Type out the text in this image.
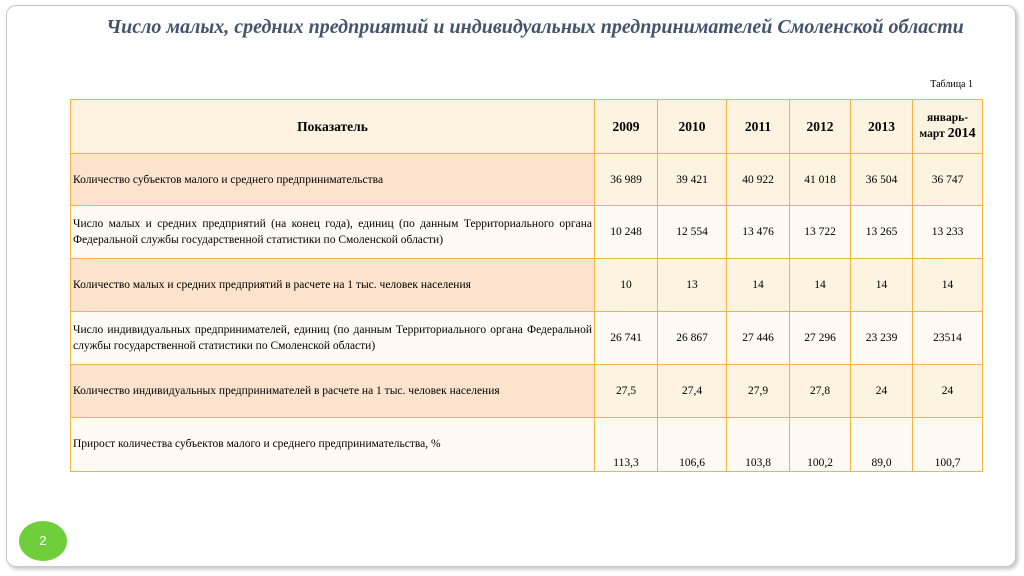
Число малых, средних предприятий и индивидуальных предпринимателей Смоленской области
Таблица 1
Показатель	2009	2010	2011	2012	2013	январь-
март 2014
Количество субъектов малого и среднего предпринимательства	36 989	39 421	40 922	41 018	36 504	36 747
Число малых и средних предприятий (на конец года), единиц (по данным Территориального органа Федеральной службы государственной статистики по Смоленской области)	10 248	12 554	13 476	13 722	13 265	13 233
Количество малых и средних предприятий в расчете на 1 тыс. человек населения	10	13	14	14	14	14
Число индивидуальных предпринимателей, единиц (по данным Территориального органа Федеральной службы государственной статистики по Смоленской области)	26 741	26 867	27 446	27 296	23 239	23514
Количество индивидуальных предпринимателей в расчете на 1 тыс. человек населения	27,5	27,4	27,9	27,8	24	24
Прирост количества субъектов малого и среднего предпринимательства, %	113,3	106,6	103,8	100,2	89,0	100,7
2
